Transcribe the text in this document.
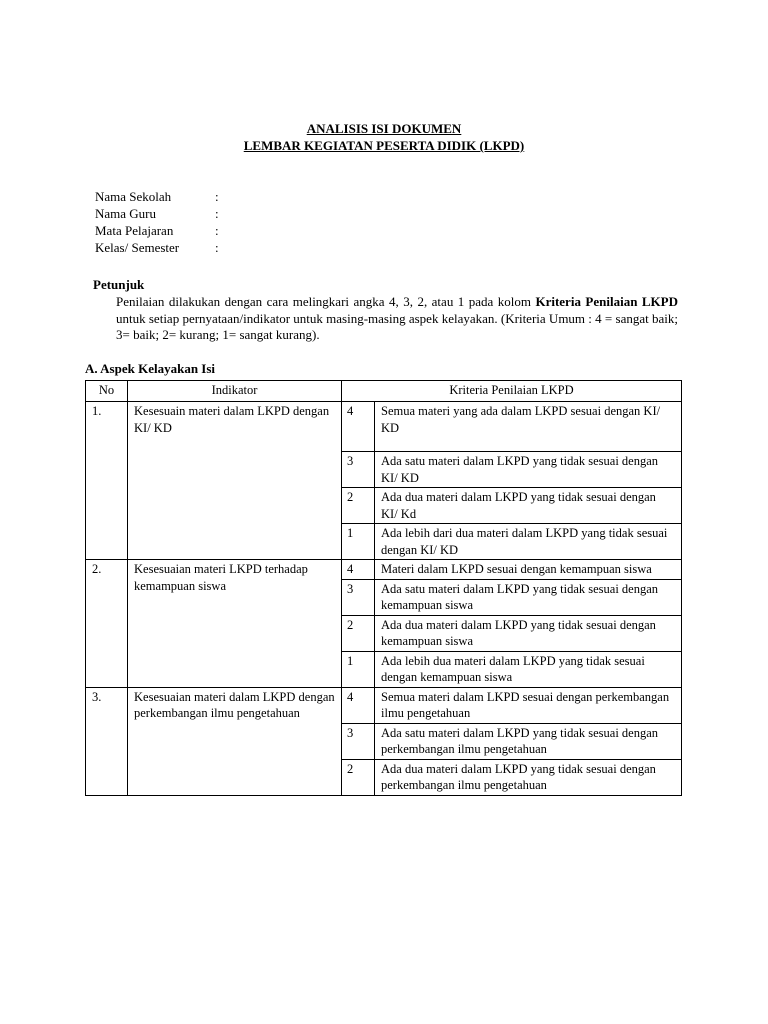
ANALISIS ISI DOKUMEN
LEMBAR KEGIATAN PESERTA DIDIK (LKPD)
Nama Sekolah	:
Nama Guru	:
Mata Pelajaran	:
Kelas/ Semester	:
Petunjuk
Penilaian dilakukan dengan cara melingkari angka 4, 3, 2, atau 1 pada kolom Kriteria Penilaian LKPD untuk setiap pernyataan/indikator untuk masing-masing aspek kelayakan. (Kriteria Umum : 4 = sangat baik; 3= baik; 2= kurang; 1= sangat kurang).
A. Aspek Kelayakan Isi
No	Indikator	Kriteria Penilaian LKPD	
1.	Kesesuain materi dalam LKPD dengan KI/ KD	4	Semua materi yang ada dalam LKPD sesuai dengan KI/ KD
		3	Ada satu materi dalam LKPD yang tidak sesuai dengan KI/ KD
		2	Ada dua materi dalam LKPD yang tidak sesuai dengan KI/ Kd
		1	Ada lebih dari dua materi dalam LKPD yang tidak sesuai dengan KI/ KD
2.	Kesesuaian materi LKPD terhadap kemampuan siswa	4	Materi dalam LKPD sesuai dengan kemampuan siswa
		3	Ada satu materi dalam LKPD yang tidak sesuai dengan kemampuan siswa
		2	Ada dua materi dalam LKPD yang tidak sesuai dengan kemampuan siswa
		1	Ada lebih dua materi dalam LKPD yang tidak sesuai dengan kemampuan siswa
3.	Kesesuaian materi dalam LKPD dengan perkembangan ilmu pengetahuan	4	Semua materi dalam LKPD sesuai dengan perkembangan ilmu pengetahuan
		3	Ada satu materi dalam LKPD yang tidak sesuai dengan perkembangan ilmu pengetahuan
		2	Ada dua materi dalam LKPD yang tidak sesuai dengan perkembangan ilmu pengetahuan
